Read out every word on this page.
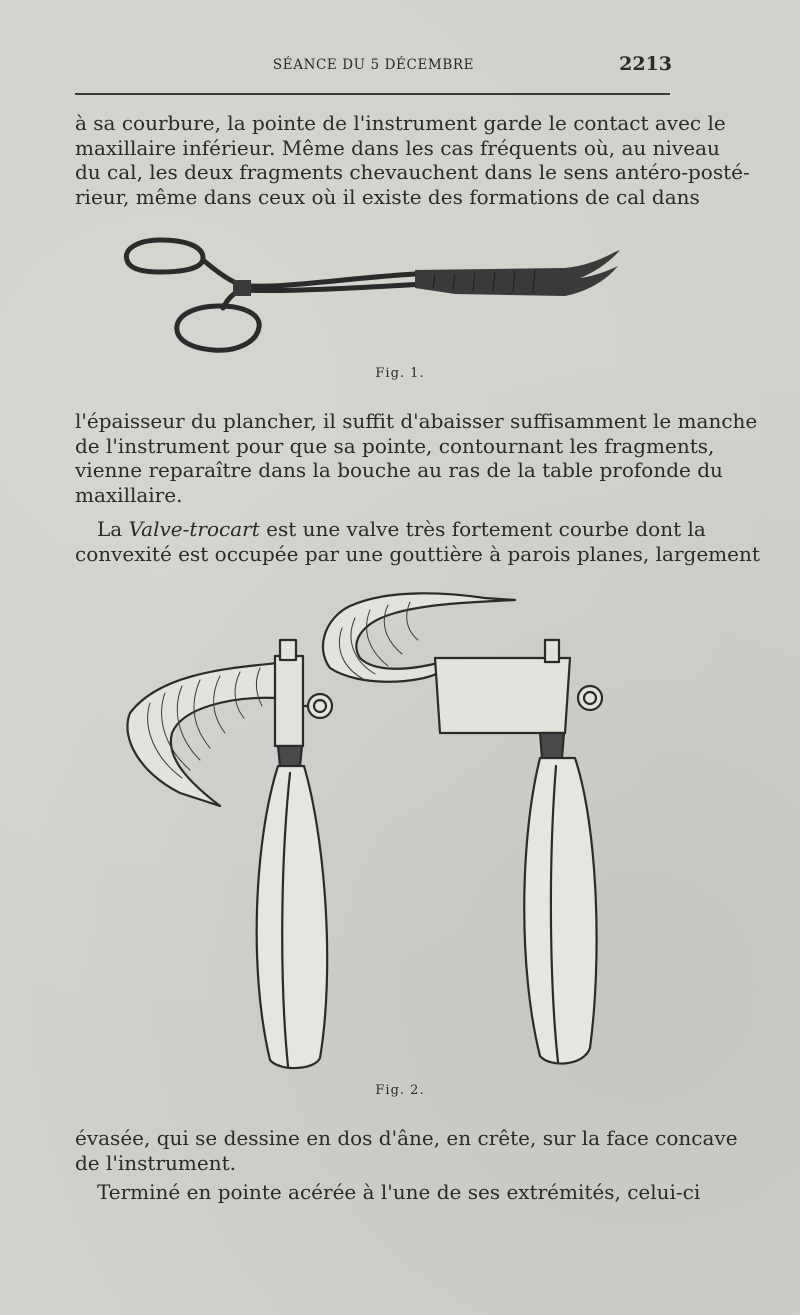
SÉANCE DU 5 DÉCEMBRE	2213
à sa courbure, la pointe de l'instrument garde le contact avec le
maxillaire inférieur. Même dans les cas fréquents où, au niveau
du cal, les deux fragments chevauchent dans le sens antéro-posté-
rieur, même dans ceux où il existe des formations de cal dans
Fig. 1.
l'épaisseur du plancher, il suffit d'abaisser suffisamment le manche
de l'instrument pour que sa pointe, contournant les fragments,
vienne reparaître dans la bouche au ras de la table profonde du
maxillaire.
La Valve-trocart est une valve très fortement courbe dont la
convexité est occupée par une gouttière à parois planes, largement
Fig. 2.
évasée, qui se dessine en dos d'âne, en crête, sur la face concave
de l'instrument.
Terminé en pointe acérée à l'une de ses extrémités, celui-ci
